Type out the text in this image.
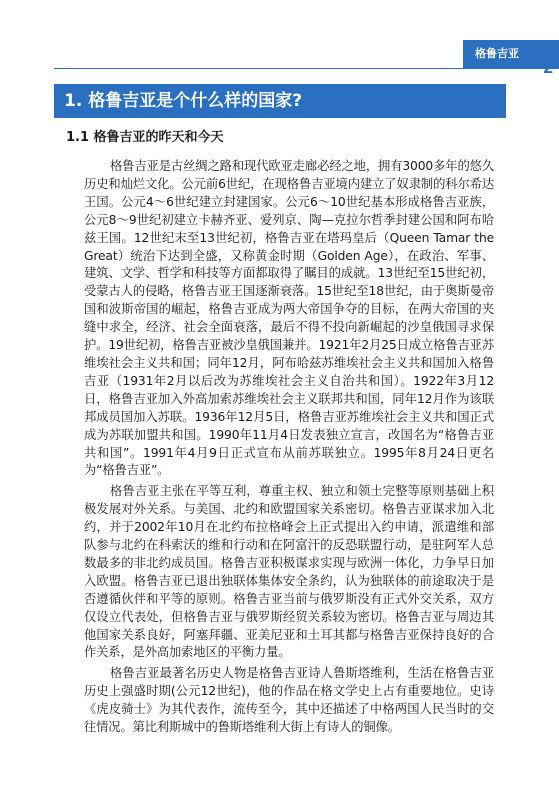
格鲁吉亚
2
1. 格鲁吉亚是个什么样的国家?
1.1 格鲁吉亚的昨天和今天

格鲁吉亚是古丝绸之路和现代欧亚走廊必经之地，拥有3000多年的悠久历史和灿烂文化。公元前6世纪，在现格鲁吉亚境内建立了奴隶制的科尔希达王国。公元4～6世纪建立封建国家。公元6～10世纪基本形成格鲁吉亚族，公元8～9世纪初建立卡赫齐亚、爱列京、陶—克拉尔哲季封建公国和阿布哈兹王国。12世纪末至13世纪初，格鲁吉亚在塔玛皇后（Queen Tamar the Great）统治下达到全盛，又称黄金时期（Golden Age），在政治、军事、建筑、文学、哲学和科技等方面都取得了瞩目的成就。13世纪至15世纪初，受蒙古人的侵略，格鲁吉亚王国逐渐衰落。15世纪至18世纪，由于奥斯曼帝国和波斯帝国的崛起，格鲁吉亚成为两大帝国争夺的目标，在两大帝国的夹缝中求全，经济、社会全面衰落，最后不得不投向新崛起的沙皇俄国寻求保护。19世纪初，格鲁吉亚被沙皇俄国兼并。1921年2月25日成立格鲁吉亚苏维埃社会主义共和国；同年12月，阿布哈兹苏维埃社会主义共和国加入格鲁吉亚（1931年2月以后改为苏维埃社会主义自治共和国）。1922年3月12日，格鲁吉亚加入外高加索苏维埃社会主义联邦共和国，同年12月作为该联邦成员国加入苏联。1936年12月5日，格鲁吉亚苏维埃社会主义共和国正式成为苏联加盟共和国。1990年11月4日发表独立宣言，改国名为“格鲁吉亚共和国”。1991年4月9日正式宣布从前苏联独立。1995年8月24日更名为“格鲁吉亚”。

格鲁吉亚主张在平等互利，尊重主权、独立和领土完整等原则基础上积极发展对外关系。与美国、北约和欧盟国家关系密切。格鲁吉亚谋求加入北约，并于2002年10月在北约布拉格峰会上正式提出入约申请，派遣维和部队参与北约在科索沃的维和行动和在阿富汗的反恐联盟行动，是驻阿军人总数最多的非北约成员国。格鲁吉亚积极谋求实现与欧洲一体化，力争早日加入欧盟。格鲁吉亚已退出独联体集体安全条约，认为独联体的前途取决于是否遵循伙伴和平等的原则。格鲁吉亚当前与俄罗斯没有正式外交关系，双方仅设立代表处，但格鲁吉亚与俄罗斯经贸关系较为密切。格鲁吉亚与周边其他国家关系良好，阿塞拜疆、亚美尼亚和土耳其都与格鲁吉亚保持良好的合作关系，是外高加索地区的平衡力量。

格鲁吉亚最著名历史人物是格鲁吉亚诗人鲁斯塔维利，生活在格鲁吉亚历史上强盛时期(公元12世纪)，他的作品在格文学史上占有重要地位。史诗《虎皮骑士》为其代表作，流传至今，其中还描述了中格两国人民当时的交往情况。第比利斯城中的鲁斯塔维利大街上有诗人的铜像。
